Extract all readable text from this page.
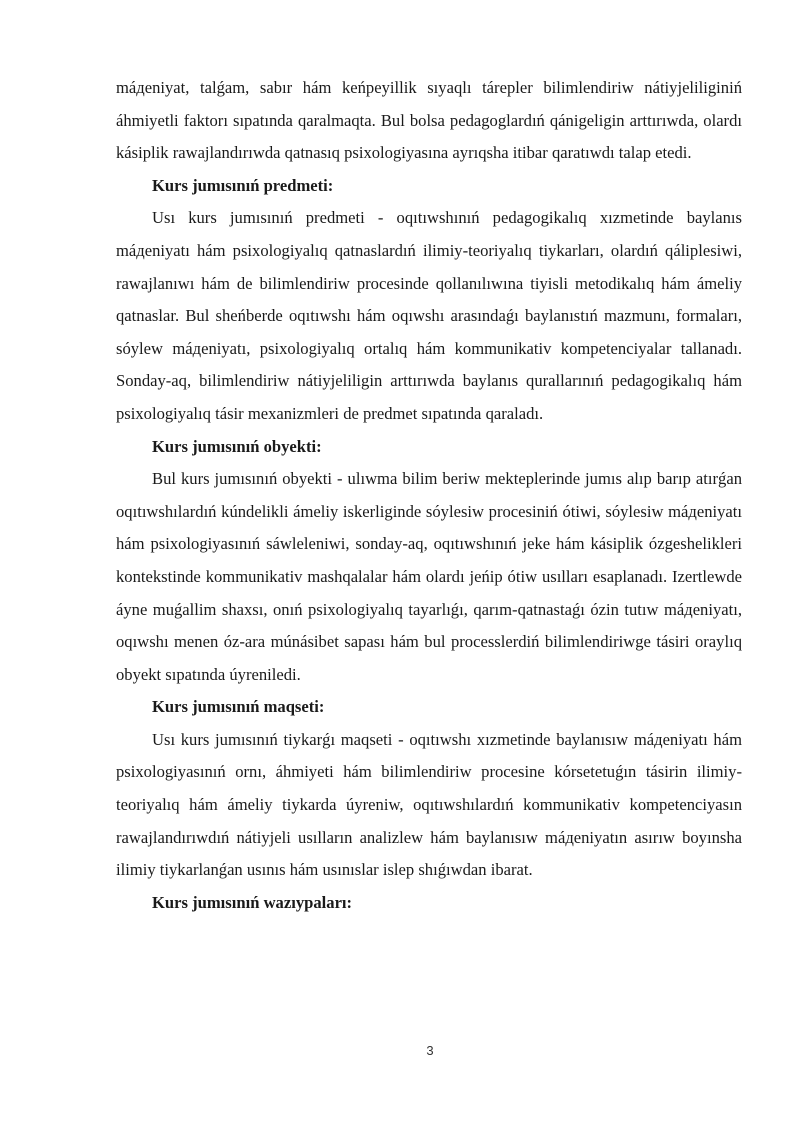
máдeniyat, talǵam, sabır hám keńpeyillik sıyaqlı tárepler bilimlendiriw nátiyjeliliginiń áhmiyetli faktorı sıpatında qaralmaqta. Bul bolsa pedagoglardıń qánigeligin arttırıwda, olardı kásiplik rawajlandırıwda qatnasıq psixologiyasına ayrıqsha itibar qaratıwdı talap etedi.

Kurs jumısınıń predmeti:

Usı kurs jumısınıń predmeti - oqıtıwshınıń pedagogikalıq xızmetinde baylanıs máдeniyatı hám psixologiyalıq qatnaslardıń ilimiy-teoriyalıq tiykarları, olardıń qáliplesiwi, rawajlanıwı hám de bilimlendiriw procesinde qollanılıwına tiyisli metodikalıq hám ámeliy qatnaslar. Bul sheńberde oqıtıwshı hám oqıwshı arasındaǵı baylanıstıń mazmunı, formaları, sóylew máдeniyatı, psixologiyalıq ortalıq hám kommunikativ kompetenciyalar tallanadı. Sonday-aq, bilimlendiriw nátiyjeliligin arttırıwda baylanıs qurallarınıń pedagogikalıq hám psixologiyalıq tásir mexanizmleri de predmet sıpatında qaraladı.

Kurs jumısınıń obyekti:

Bul kurs jumısınıń obyekti - ulıwma bilim beriw mekteplerinde jumıs alıp barıp atırǵan oqıtıwshılardıń kúndelikli ámeliy iskerliginde sóylesiw procesiniń ótiwi, sóylesiw máдeniyatı hám psixologiyasınıń sáwleleniwi, sonday-aq, oqıtıwshınıń jeke hám kásiplik ózgeshelikleri kontekstinde kommunikativ mashqalalar hám olardı jeńip ótiw usılları esaplanadı. Izertlewde áyne muǵallim shaxsı, onıń psixologiyalıq tayarlıǵı, qarım-qatnastaǵı ózin tutıw máдeniyatı, oqıwshı menen óz-ara múnásibet sapası hám bul processlerdiń bilimlendiriwge tásiri oraylıq obyekt sıpatında úyreniledi.

Kurs jumısınıń maqseti:

Usı kurs jumısınıń tiykarǵı maqseti - oqıtıwshı xızmetinde baylanısıw máдeniyatı hám psixologiyasınıń ornı, áhmiyeti hám bilimlendiriw procesine kórsetetuǵın tásirin ilimiy-teoriyalıq hám ámeliy tiykarda úyreniw, oqıtıwshılardıń kommunikativ kompetenciyasın rawajlandırıwdıń nátiyjeli usılların analizlew hám baylanısıw máдeniyatın asırıw boyınsha ilimiy tiykarlanǵan usınıs hám usınıslar islep shıǵıwdan ibarat.

Kurs jumısınıń wazıypaları:

3
